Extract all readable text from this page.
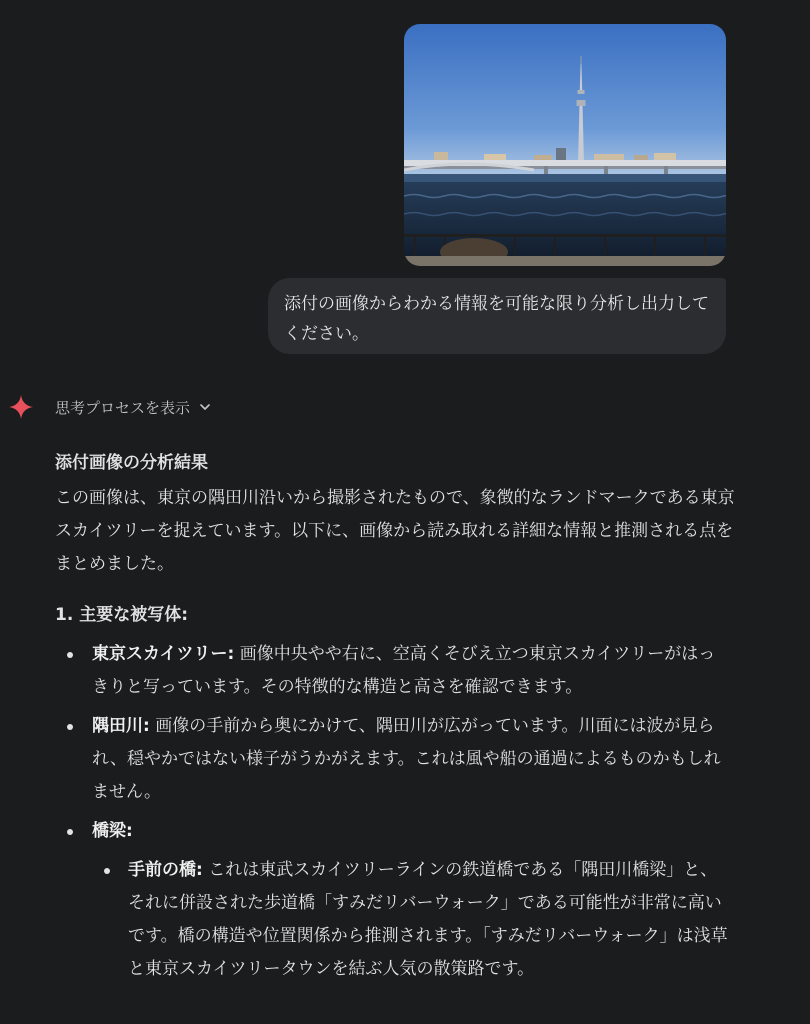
添付の画像からわかる情報を可能な限り分析し出力してください。
思考プロセスを表示
添付画像の分析結果
この画像は、東京の隅田川沿いから撮影されたもので、象徴的なランドマークである東京スカイツリーを捉えています。以下に、画像から読み取れる詳細な情報と推測される点をまとめました。
1. 主要な被写体:
東京スカイツリー: 画像中央やや右に、空高くそびえ立つ東京スカイツリーがはっきりと写っています。その特徴的な構造と高さを確認できます。
隅田川: 画像の手前から奥にかけて、隅田川が広がっています。川面には波が見られ、穏やかではない様子がうかがえます。これは風や船の通過によるものかもしれません。
橋梁:
手前の橋: これは東武スカイツリーラインの鉄道橋である「隅田川橋梁」と、それに併設された歩道橋「すみだリバーウォーク」である可能性が非常に高いです。橋の構造や位置関係から推測されます。「すみだリバーウォーク」は浅草と東京スカイツリータウンを結ぶ人気の散策路です。
